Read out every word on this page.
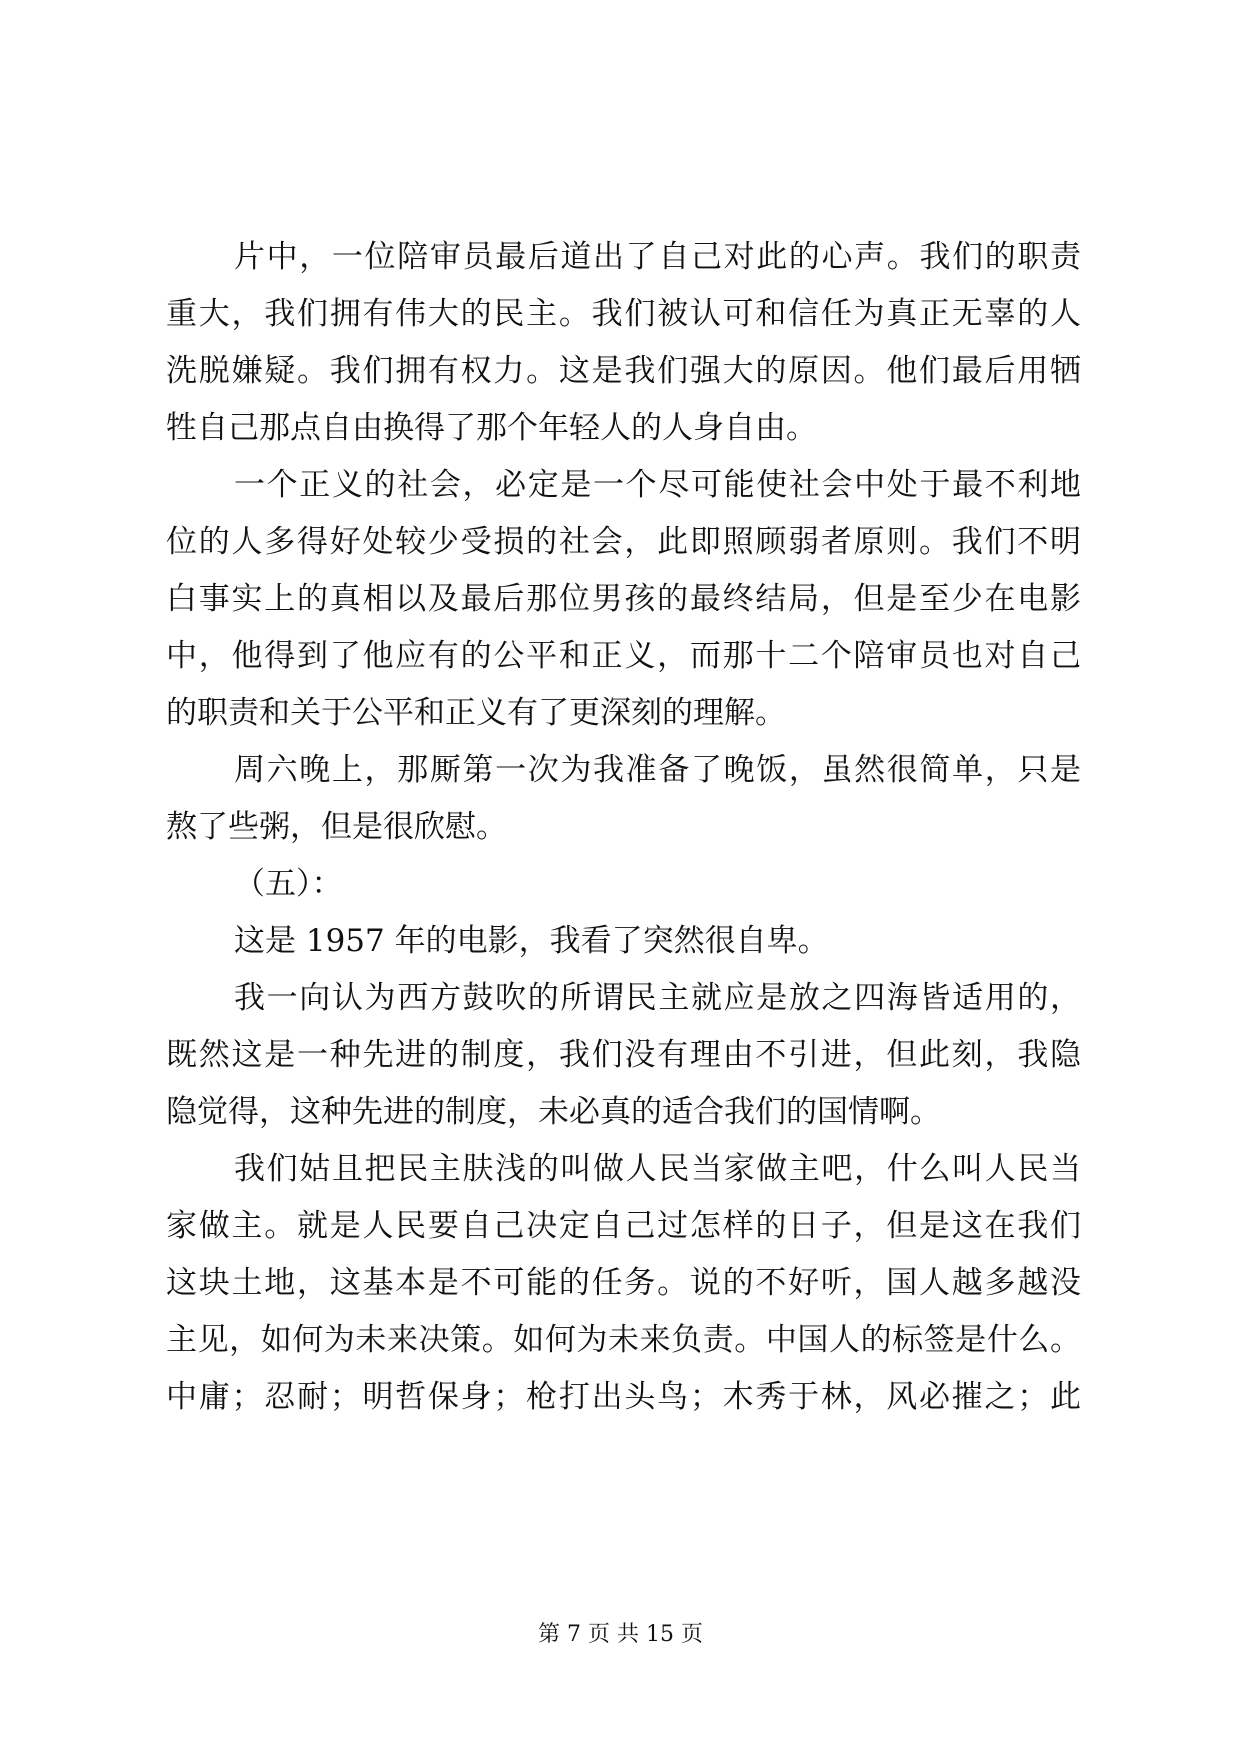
片中，一位陪审员最后道出了自己对此的心声。我们的职责
重大，我们拥有伟大的民主。我们被认可和信任为真正无辜的人
洗脱嫌疑。我们拥有权力。这是我们强大的原因。他们最后用牺
牲自己那点自由换得了那个年轻人的人身自由。
一个正义的社会，必定是一个尽可能使社会中处于最不利地
位的人多得好处较少受损的社会，此即照顾弱者原则。我们不明
白事实上的真相以及最后那位男孩的最终结局，但是至少在电影
中，他得到了他应有的公平和正义，而那十二个陪审员也对自己
的职责和关于公平和正义有了更深刻的理解。
周六晚上，那厮第一次为我准备了晚饭，虽然很简单，只是
熬了些粥，但是很欣慰。
（五）：
这是 1957 年的电影，我看了突然很自卑。
我一向认为西方鼓吹的所谓民主就应是放之四海皆适用的，
既然这是一种先进的制度，我们没有理由不引进，但此刻，我隐
隐觉得，这种先进的制度，未必真的适合我们的国情啊。
我们姑且把民主肤浅的叫做人民当家做主吧，什么叫人民当
家做主。就是人民要自己决定自己过怎样的日子，但是这在我们
这块土地，这基本是不可能的任务。说的不好听，国人越多越没
主见，如何为未来决策。如何为未来负责。中国人的标签是什么。
中庸；忍耐；明哲保身；枪打出头鸟；木秀于林，风必摧之；此
第 7 页 共 15 页
